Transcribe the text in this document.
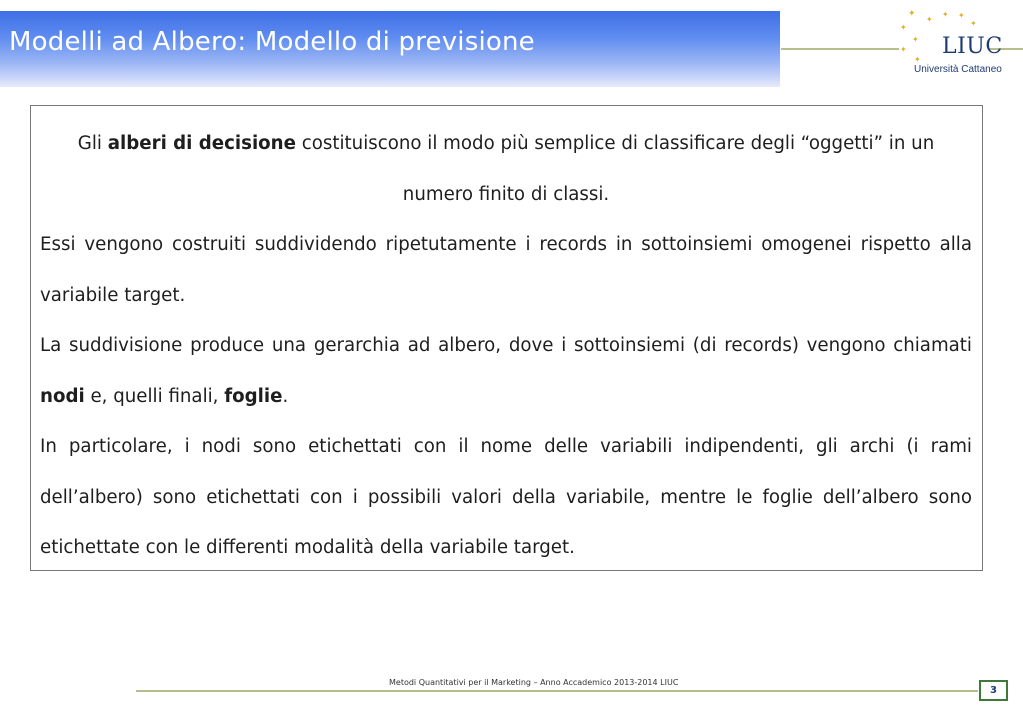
Modelli ad Albero: Modello di previsione
✦
✦
✦ ✦
✦
✦
✦
✦
✦
LIUC
Università Cattaneo

Gli alberi di decisione costituiscono il modo più semplice di classificare degli “oggetti” in un numero finito di classi.

Essi vengono costruiti suddividendo ripetutamente i records in sottoinsiemi omogenei rispetto alla variabile target.

La suddivisione produce una gerarchia ad albero, dove i sottoinsiemi (di records) vengono chiamati nodi e, quelli finali, foglie.

In particolare, i nodi sono etichettati con il nome delle variabili indipendenti, gli archi (i rami dell’albero) sono etichettati con i possibili valori della variabile, mentre le foglie dell’albero sono etichettate con le differenti modalità della variabile target.

Metodi Quantitativi per il Marketing – Anno Accademico 2013-2014 LIUC
3
